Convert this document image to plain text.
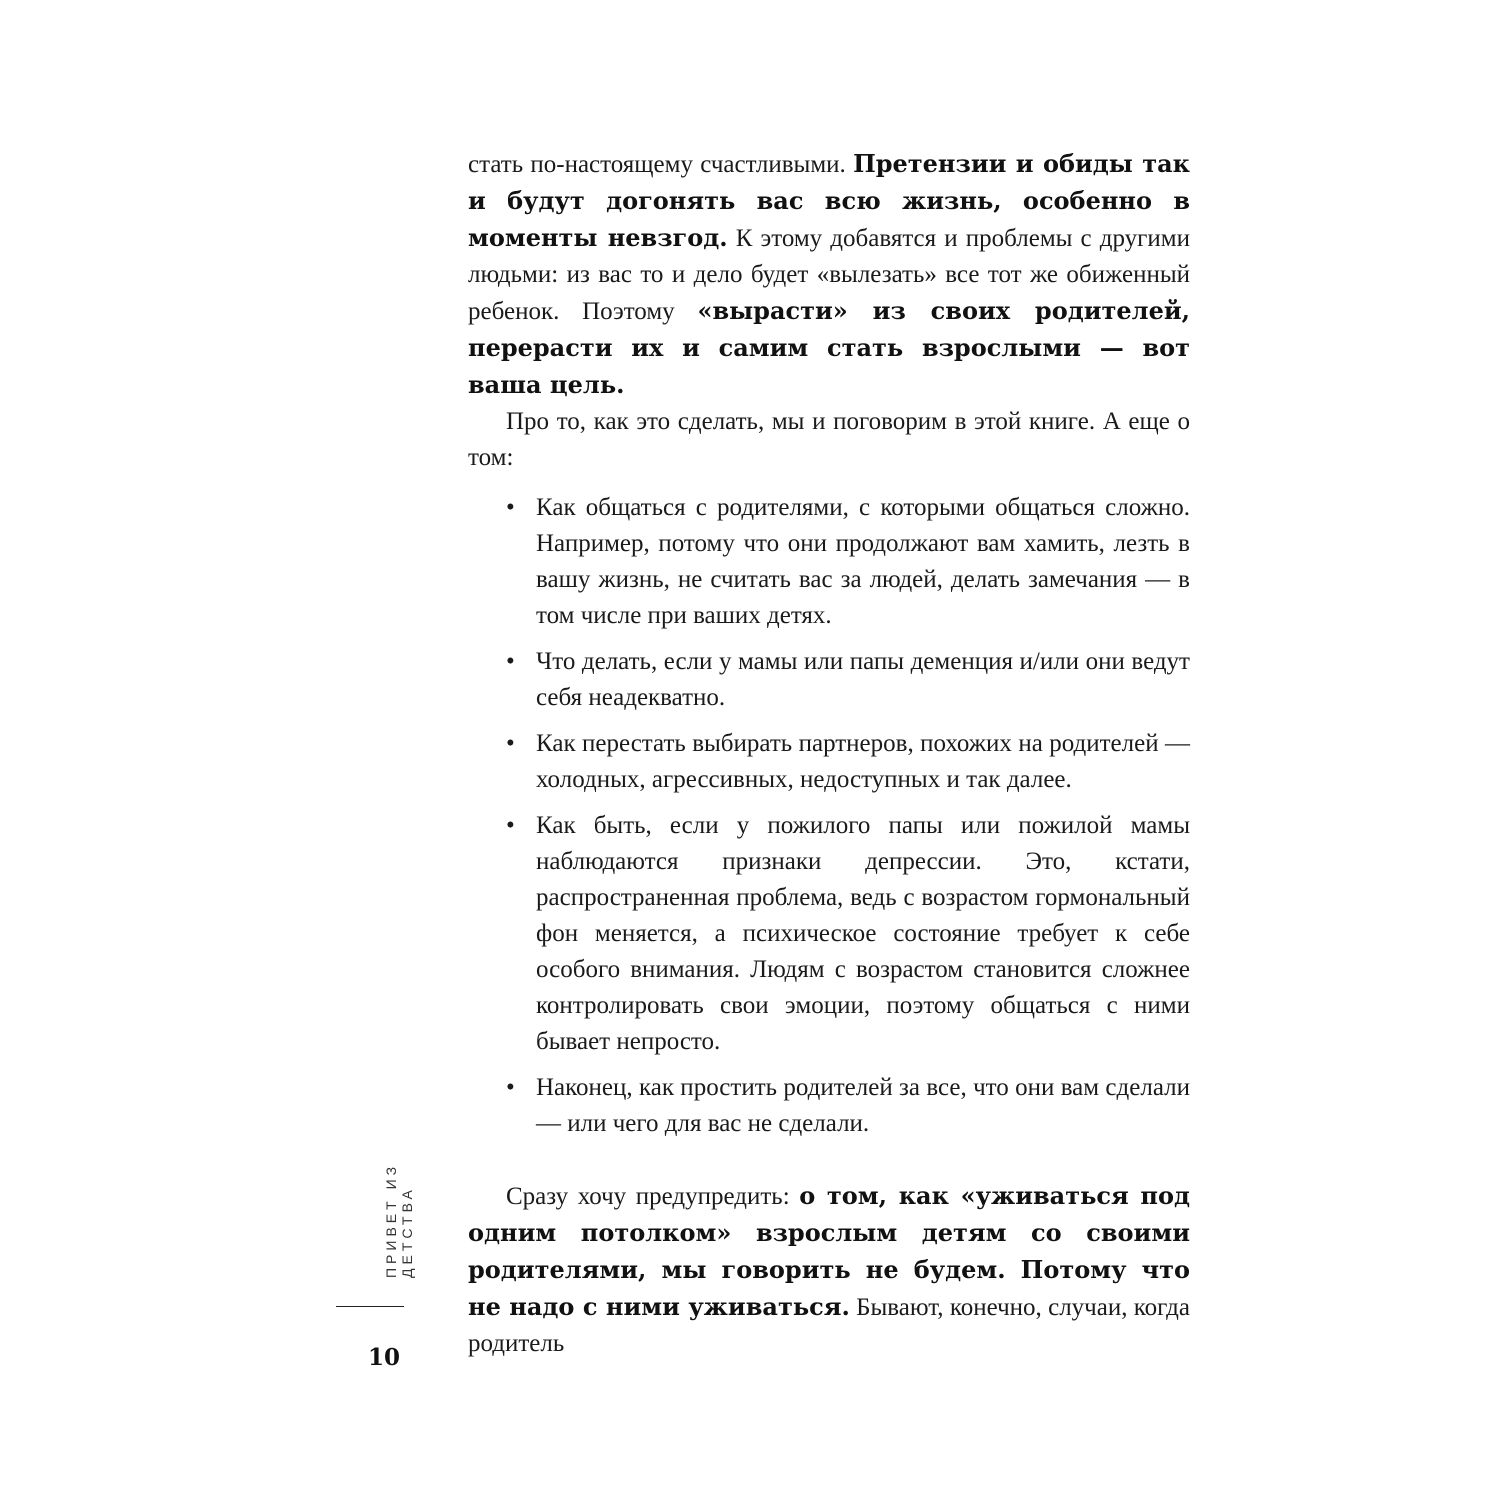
стать по-настоящему счастливыми. Претензии и обиды так и будут догонять вас всю жизнь, особенно в моменты невзгод. К этому добавятся и проблемы с другими людьми: из вас то и дело будет «вылезать» все тот же обиженный ребенок. Поэтому «вырасти» из своих родителей, перерасти их и самим стать взрослыми — вот ваша цель.

Про то, как это сделать, мы и поговорим в этой книге. А еще о том:

• Как общаться с родителями, с которыми общаться сложно. Например, потому что они продолжают вам хамить, лезть в вашу жизнь, не считать вас за людей, делать замечания — в том числе при ваших детях.
• Что делать, если у мамы или папы деменция и/или они ведут себя неадекватно.
• Как перестать выбирать партнеров, похожих на родителей — холодных, агрессивных, недоступных и так далее.
• Как быть, если у пожилого папы или пожилой мамы наблюдаются признаки депрессии. Это, кстати, распространенная проблема, ведь с возрастом гормональный фон меняется, а психическое состояние требует к себе особого внимания. Людям с возрастом становится сложнее контролировать свои эмоции, поэтому общаться с ними бывает непросто.
• Наконец, как простить родителей за все, что они вам сделали — или чего для вас не сделали.

Сразу хочу предупредить: о том, как «уживаться под одним потолком» взрослым детям со своими родителями, мы говорить не будем. Потому что не надо с ними уживаться. Бывают, конечно, случаи, когда родитель

ПРИВЕТ ИЗ ДЕТСТВА
10
